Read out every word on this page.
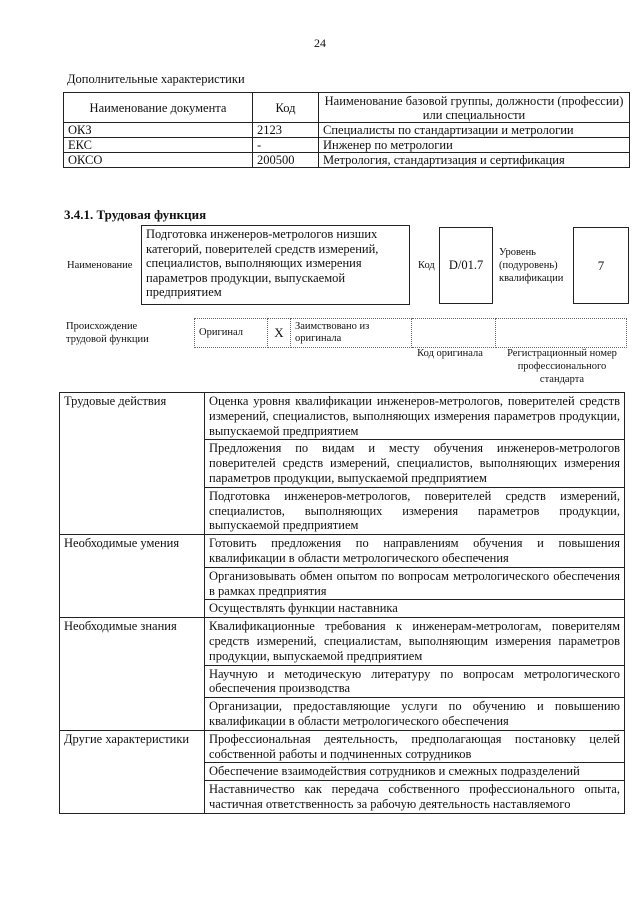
24
Дополнительные характеристики
Наименование документа	Код	Наименование базовой группы, должности (профессии) или специальности
ОКЗ	2123	Специалисты по стандартизации и метрологии
ЕКС	-	Инженер по метрологии
ОКСО	200500	Метрология, стандартизация и сертификация
3.4.1. Трудовая функция
Наименование
Подготовка инженеров-метрологов низших категорий, поверителей средств измерений, специалистов, выполняющих измерения параметров продукции, выпускаемой предприятием
Код	D/01.7
Уровень (подуровень) квалификации
7
Происхождение трудовой функции
Оригинал	X	Заимствовано из оригинала		
Код оригинала	Регистрационный номер профессионального стандарта
Трудовые действия	Оценка уровня квалификации инженеров-метрологов, поверителей средств измерений, специалистов, выполняющих измерения параметров продукции, выпускаемой предприятием
	Предложения по видам и месту обучения инженеров-метрологов поверителей средств измерений, специалистов, выполняющих измерения параметров продукции, выпускаемой предприятием
	Подготовка инженеров-метрологов, поверителей средств измерений, специалистов, выполняющих измерения параметров продукции, выпускаемой предприятием
Необходимые умения	Готовить предложения по направлениям обучения и повышения квалификации в области метрологического обеспечения
	Организовывать обмен опытом по вопросам метрологического обеспечения в рамках предприятия
	Осуществлять функции наставника
Необходимые знания	Квалификационные требования к инженерам-метрологам, поверителям средств измерений, специалистам, выполняющим измерения параметров продукции, выпускаемой предприятием
	Научную и методическую литературу по вопросам метрологического обеспечения производства
	Организации, предоставляющие услуги по обучению и повышению квалификации в области метрологического обеспечения
Другие характеристики	Профессиональная деятельность, предполагающая постановку целей собственной работы и подчиненных сотрудников
	Обеспечение взаимодействия сотрудников и смежных подразделений
	Наставничество как передача собственного профессионального опыта, частичная ответственность за рабочую деятельность наставляемого
